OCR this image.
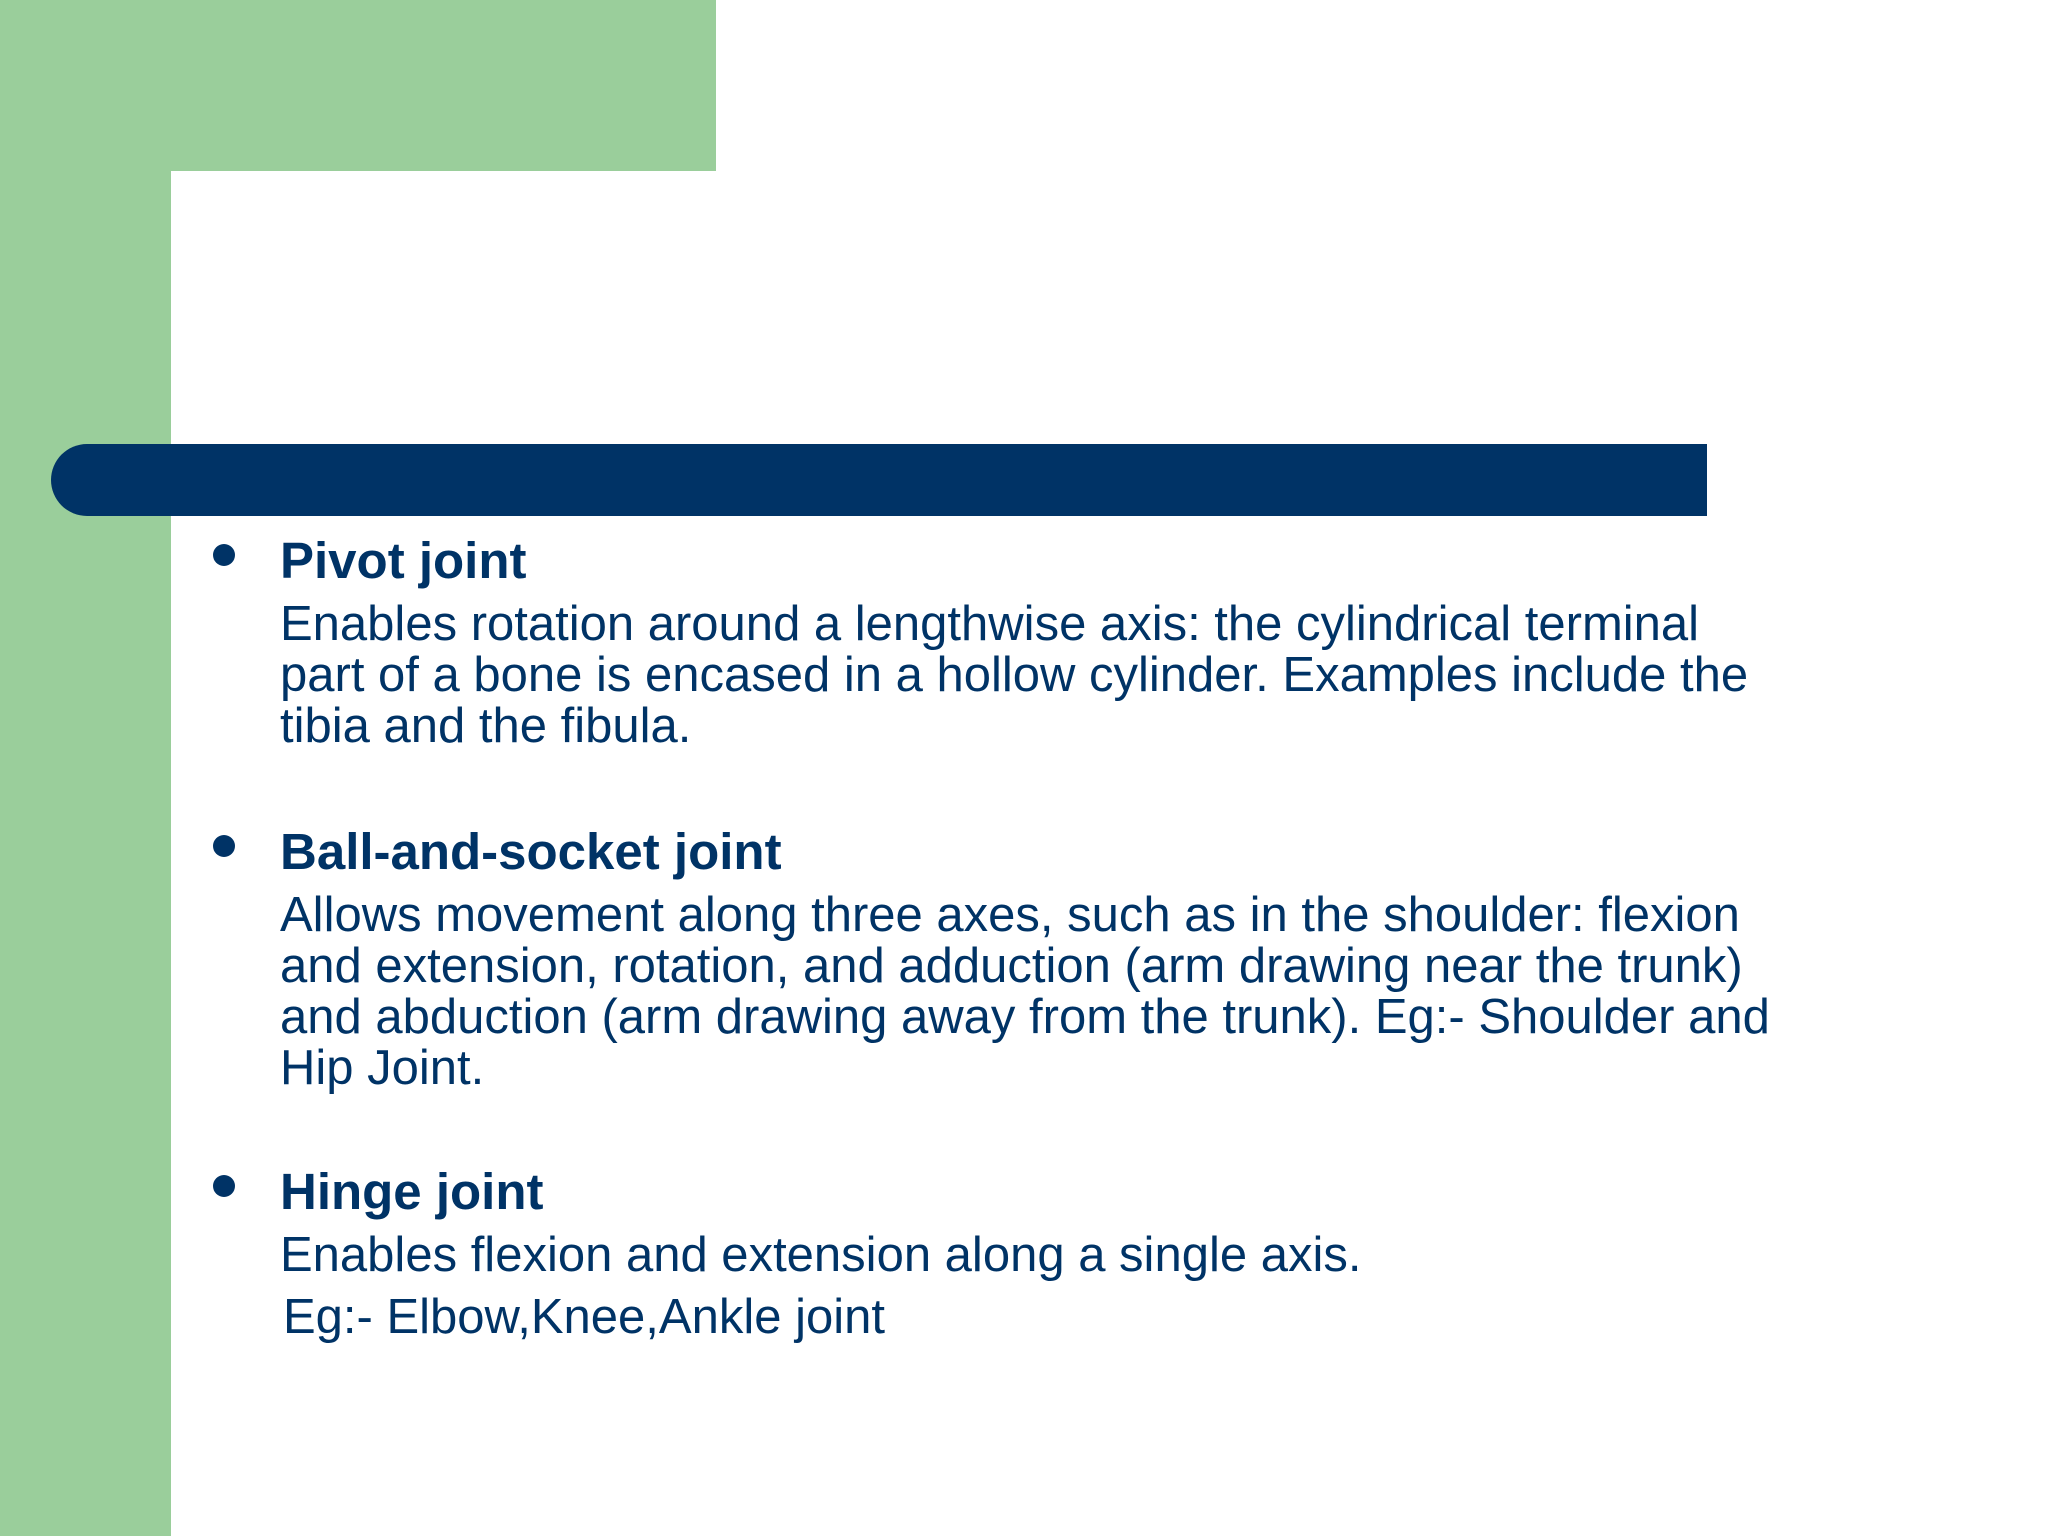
Pivot joint
Enables rotation around a lengthwise axis: the cylindrical terminal
part of a bone is encased in a hollow cylinder. Examples include the
tibia and the fibula.
Ball-and-socket joint
Allows movement along three axes, such as in the shoulder: flexion
and extension, rotation, and adduction (arm drawing near the trunk)
and abduction (arm drawing away from the trunk). Eg:- Shoulder and
Hip Joint.
Hinge joint
Enables flexion and extension along a single axis.
Eg:- Elbow,Knee,Ankle joint
